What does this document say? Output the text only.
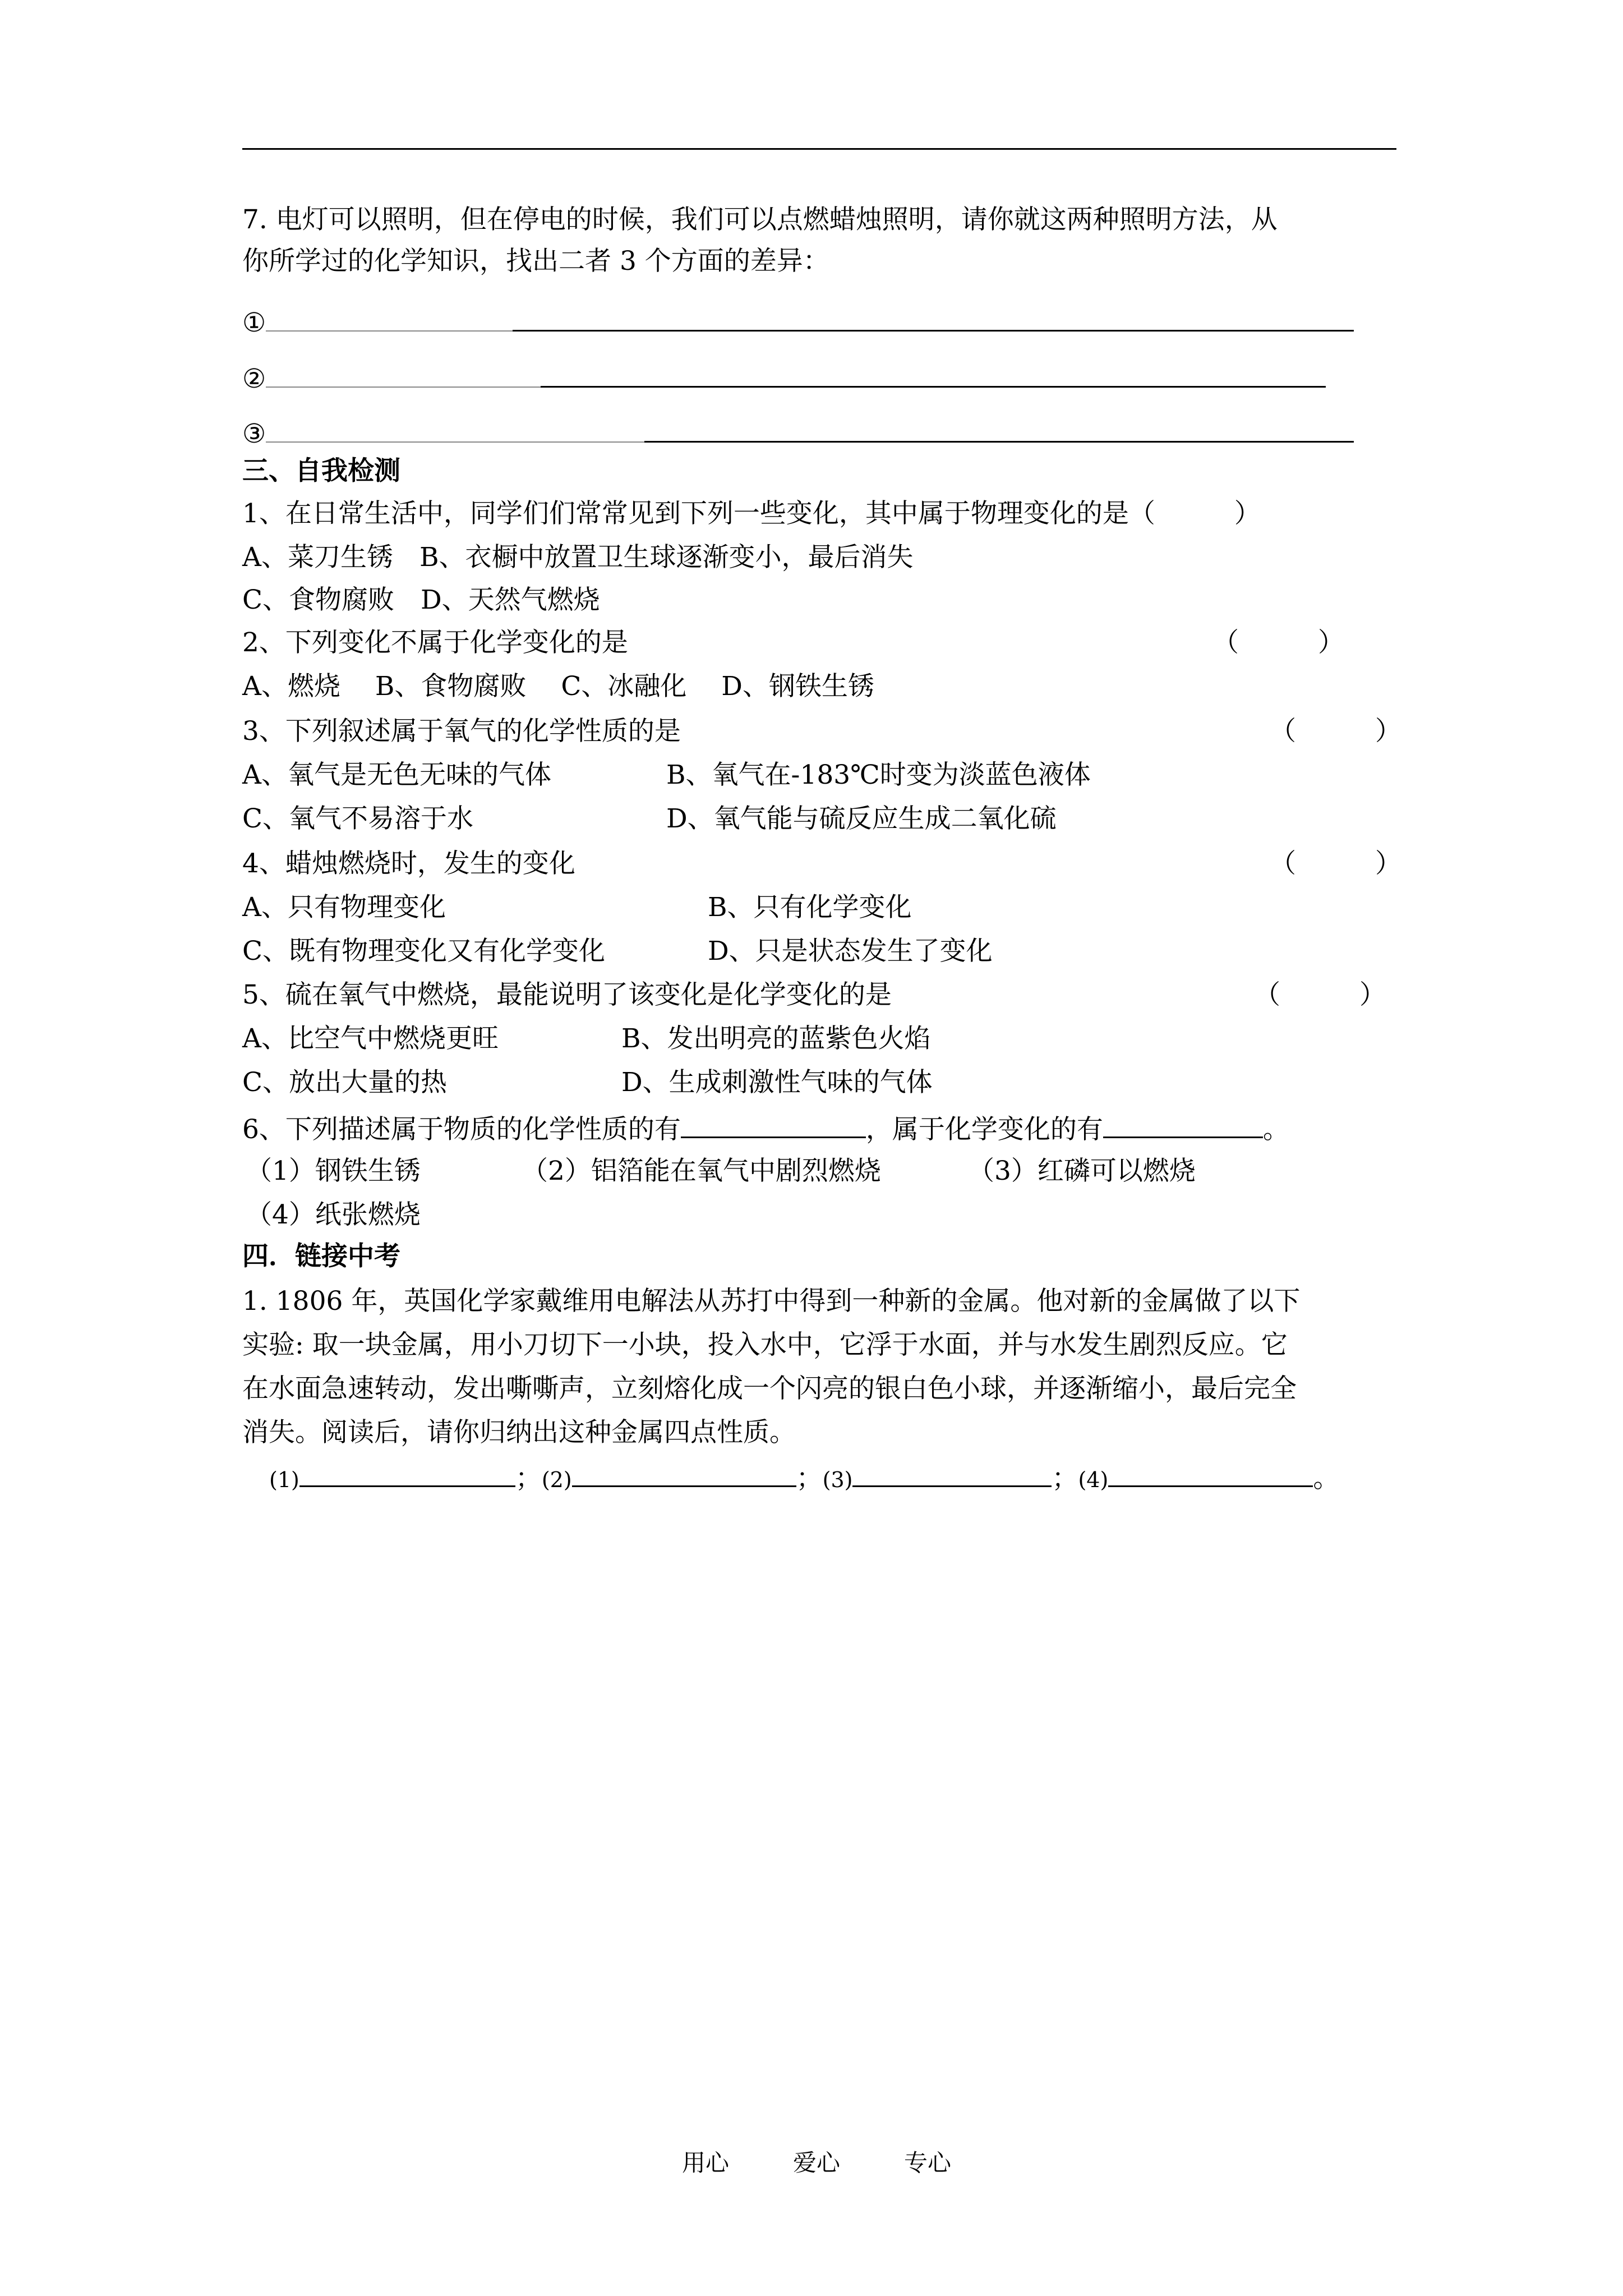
7. 电灯可以照明，但在停电的时候，我们可以点燃蜡烛照明，请你就这两种照明方法，从
你所学过的化学知识，找出二者 3 个方面的差异：
①
②
③
三、自我检测
1、在日常生活中，同学们们常常见到下列一些变化，其中属于物理变化的是（　　　）
A、菜刀生锈　B、衣橱中放置卫生球逐渐变小，最后消失
C、食物腐败　D、天然气燃烧
2、下列变化不属于化学变化的是	（　　　）
A、燃烧　 B、食物腐败　 C、冰融化　 D、钢铁生锈
3、下列叙述属于氧气的化学性质的是	（　　　）
A、氧气是无色无味的气体	B、氧气在-183℃时变为淡蓝色液体
C、氧气不易溶于水	D、氧气能与硫反应生成二氧化硫
4、蜡烛燃烧时，发生的变化	（　　　）
A、只有物理变化	B、只有化学变化
C、既有物理变化又有化学变化	D、只是状态发生了变化
5、硫在氧气中燃烧，最能说明了该变化是化学变化的是	（　　　）
A、比空气中燃烧更旺	B、发出明亮的蓝紫色火焰
C、放出大量的热	D、生成刺激性气味的气体
6、下列描述属于物质的化学性质的有	，属于化学变化的有	。
（1）钢铁生锈	（2）铝箔能在氧气中剧烈燃烧	（3）红磷可以燃烧
（4）纸张燃烧
四．链接中考
1. 1806 年，英国化学家戴维用电解法从苏打中得到一种新的金属。他对新的金属做了以下
实验: 取一块金属，用小刀切下一小块，投入水中，它浮于水面，并与水发生剧烈反应。它
在水面急速转动，发出嘶嘶声，立刻熔化成一个闪亮的银白色小球，并逐渐缩小，最后完全
消失。阅读后，请你归纳出这种金属四点性质。
(1)	；(2)	；(3)	；(4)	。
用心	爱心	专心
